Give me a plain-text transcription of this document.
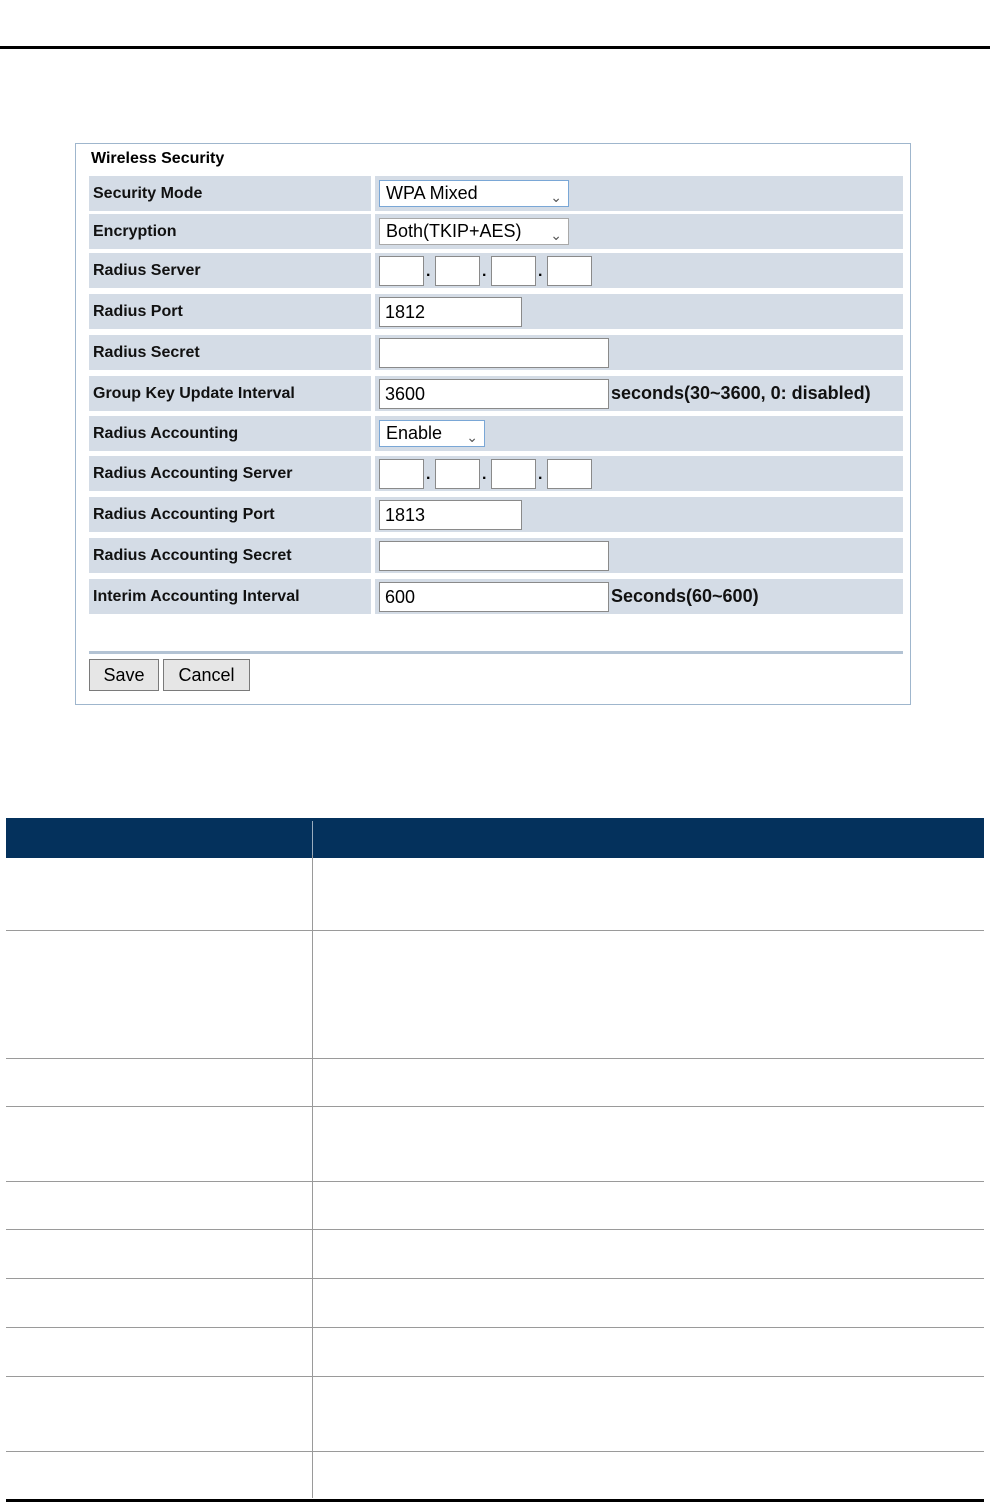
Wireless Security
Security Mode	WPA Mixed	⌄
Encryption	Both(TKIP+AES) ⌄
Radius Server	.	.	.
Radius Port	1812
Radius Secret
Group Key Update Interval	3600	seconds(30~3600, 0: disabled)
Radius Accounting	Enable ⌄
Radius Accounting Server	.	.	.
Radius Accounting Port	1813
Radius Accounting Secret
Interim Accounting Interval	600	Seconds(60~600)
Save	Cancel
